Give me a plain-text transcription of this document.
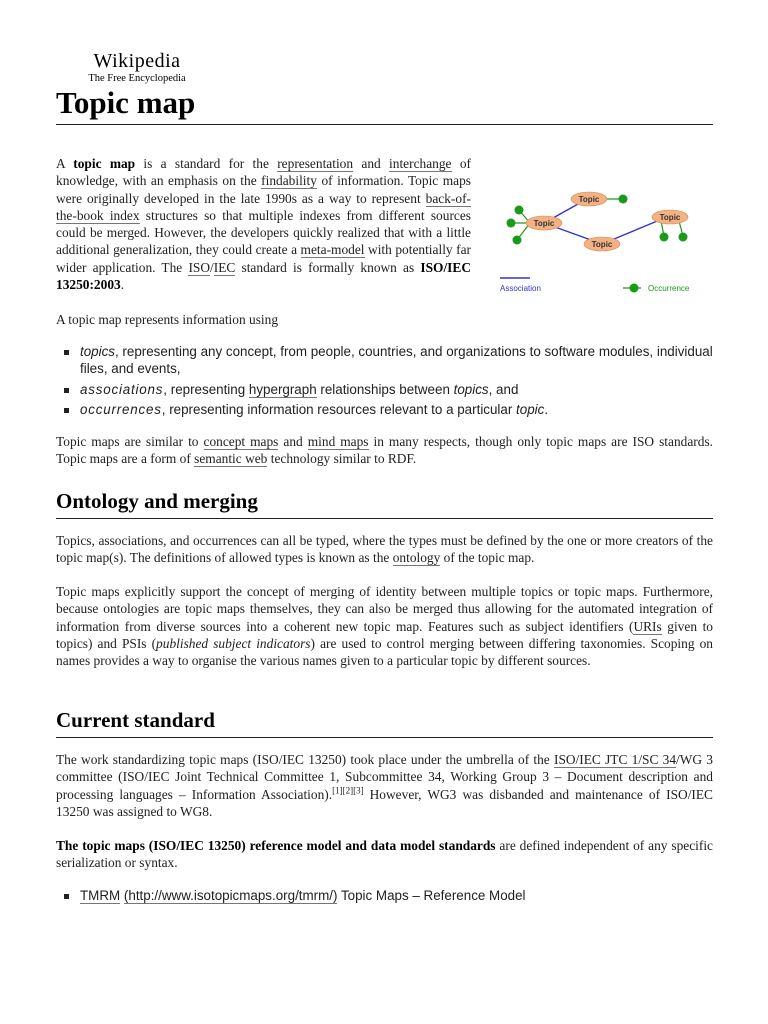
Wikipedia
The Free Encyclopedia
Topic map

A topic map is a standard for the representation and interchange of knowledge, with an emphasis on the findability of information. Topic maps were originally developed in the late 1990s as a way to represent back-of-the-book index structures so that multiple indexes from different sources could be merged. However, the developers quickly realized that with a little additional generalization, they could create a meta-model with potentially far wider application. The ISO/IEC standard is formally known as ISO/IEC 13250:2003.

Topic
Topic
Topic
Topic
Association	Occurrence

A topic map represents information using

topics, representing any concept, from people, countries, and organizations to software modules, individual files, and events,
associations, representing hypergraph relationships between topics, and
occurrences, representing information resources relevant to a particular topic.

Topic maps are similar to concept maps and mind maps in many respects, though only topic maps are ISO standards. Topic maps are a form of semantic web technology similar to RDF.

Ontology and merging

Topics, associations, and occurrences can all be typed, where the types must be defined by the one or more creators of the topic map(s). The definitions of allowed types is known as the ontology of the topic map.

Topic maps explicitly support the concept of merging of identity between multiple topics or topic maps. Furthermore, because ontologies are topic maps themselves, they can also be merged thus allowing for the automated integration of information from diverse sources into a coherent new topic map. Features such as subject identifiers (URIs given to topics) and PSIs (published subject indicators) are used to control merging between differing taxonomies. Scoping on names provides a way to organise the various names given to a particular topic by different sources.

Current standard

The work standardizing topic maps (ISO/IEC 13250) took place under the umbrella of the ISO/IEC JTC 1/SC 34/WG 3 committee (ISO/IEC Joint Technical Committee 1, Subcommittee 34, Working Group 3 – Document description and processing languages – Information Association).[1][2][3] However, WG3 was disbanded and maintenance of ISO/IEC 13250 was assigned to WG8.

The topic maps (ISO/IEC 13250) reference model and data model standards are defined independent of any specific serialization or syntax.

TMRM (http://www.isotopicmaps.org/tmrm/) Topic Maps – Reference Model
